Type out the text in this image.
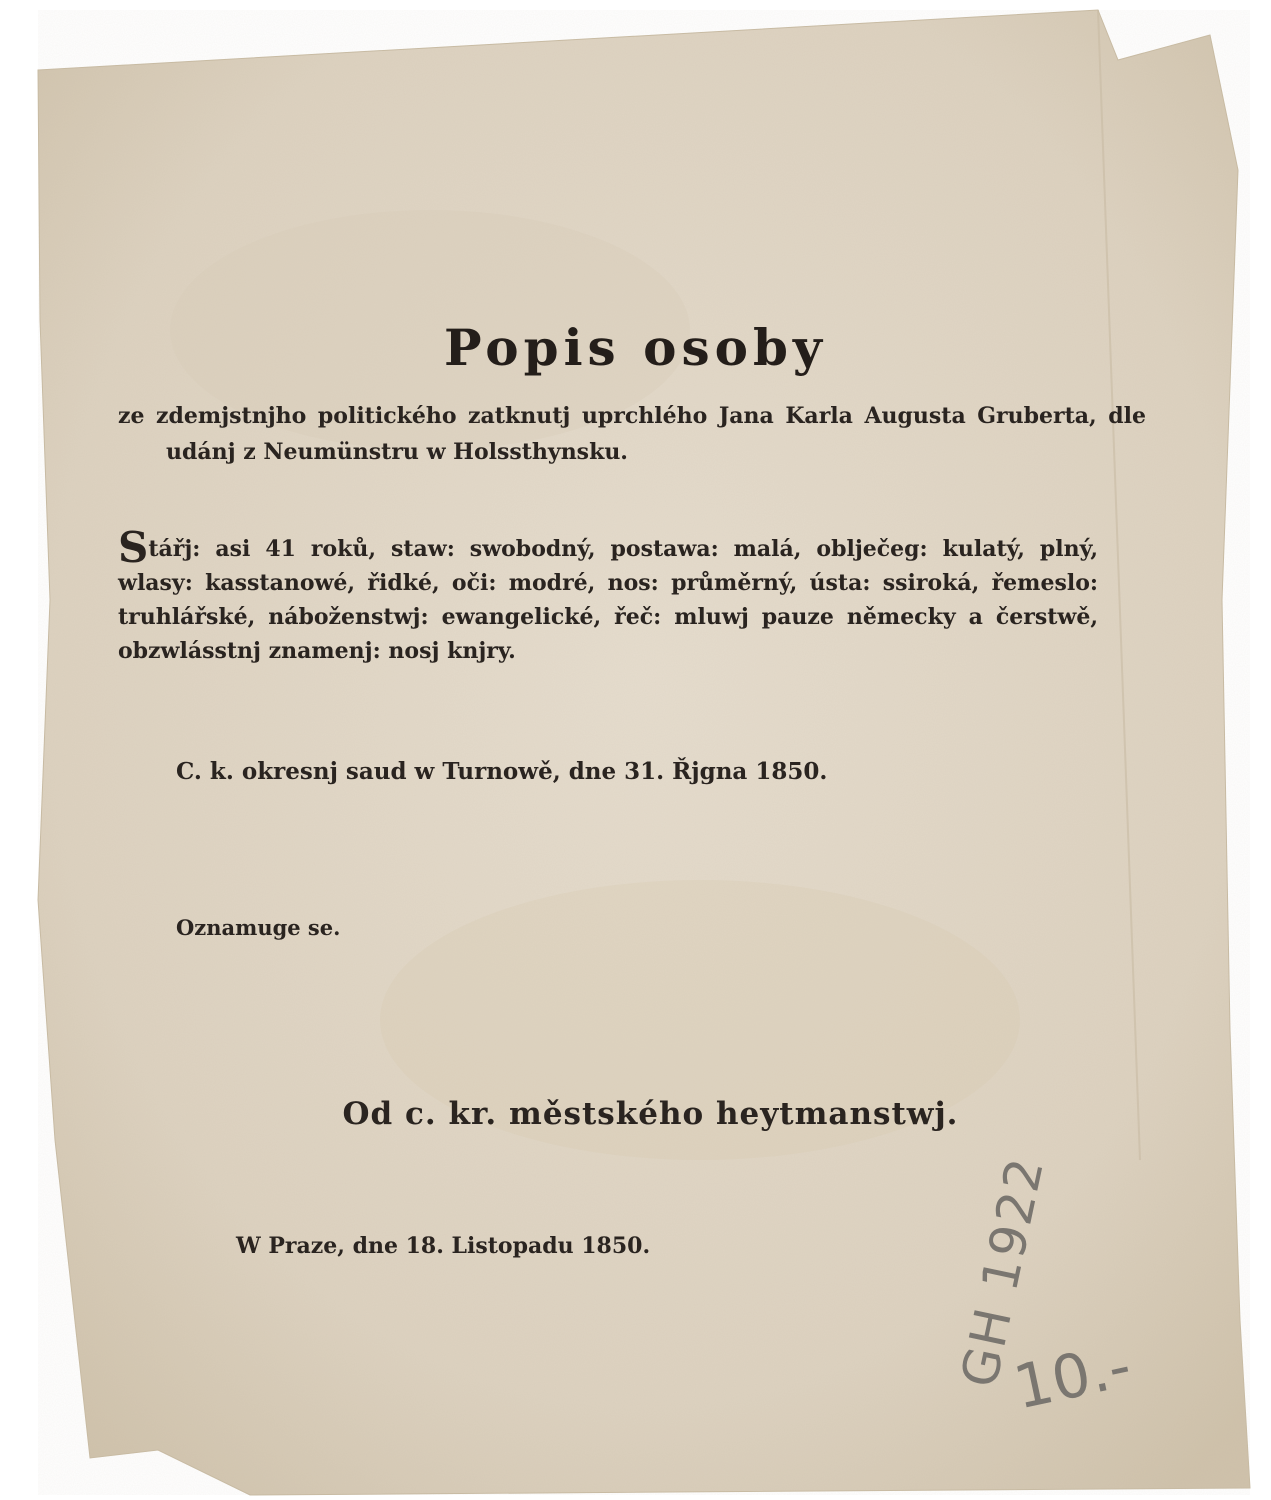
Popis osoby
ze zdemjstnjho politického zatknutj uprchlého Jana Karla Augusta Gruberta, dle udánj z Neumünstru w Holssthynsku.
Stářj: asi 41 roků, staw: swobodný, postawa: malá, oblječeg: kulatý, plný, wlasy: kasstanowé, řidké, oči: modré, nos: průměrný, ústa: ssiroká, řemeslo: truhlářské, náboženstwj: ewangelické, řeč: mluwj pauze německy a čerstwě, obzwlásstnj znamenj: nosj knjry.
C. k. okresnj saud w Turnowě, dne 31. Řjgna 1850.
Oznamuge se.
Od c. kr. městského heytmanstwj.
W Praze, dne 18. Listopadu 1850.	GH 1922
10.-
